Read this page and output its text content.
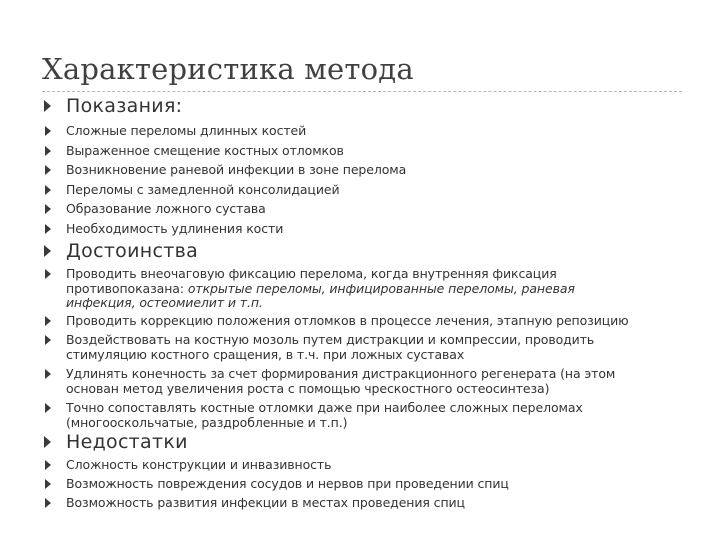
Характеристика метода
Показания:
Сложные переломы длинных костей
Выраженное смещение костных отломков
Возникновение раневой инфекции в зоне перелома
Переломы с замедленной консолидацией
Образование ложного сустава
Необходимость удлинения кости
Достоинства
Проводить внеочаговую фиксацию перелома, когда внутренняя фиксация
противопоказана: открытые переломы, инфицированные переломы, раневая
инфекция, остеомиелит и т.п.
Проводить коррекцию положения отломков в процессе лечения, этапную репозицию
Воздействовать на костную мозоль путем дистракции и компрессии, проводить
стимуляцию костного сращения, в т.ч. при ложных суставах
Удлинять конечность за счет формирования дистракционного регенерата (на этом
основан метод увеличения роста с помощью чрескостного остеосинтеза)
Точно сопоставлять костные отломки даже при наиболее сложных переломах
(многооскольчатые, раздробленные и т.п.)
Недостатки
Сложность конструкции и инвазивность
Возможность повреждения сосудов и нервов при проведении спиц
Возможность развития инфекции в местах проведения спиц
